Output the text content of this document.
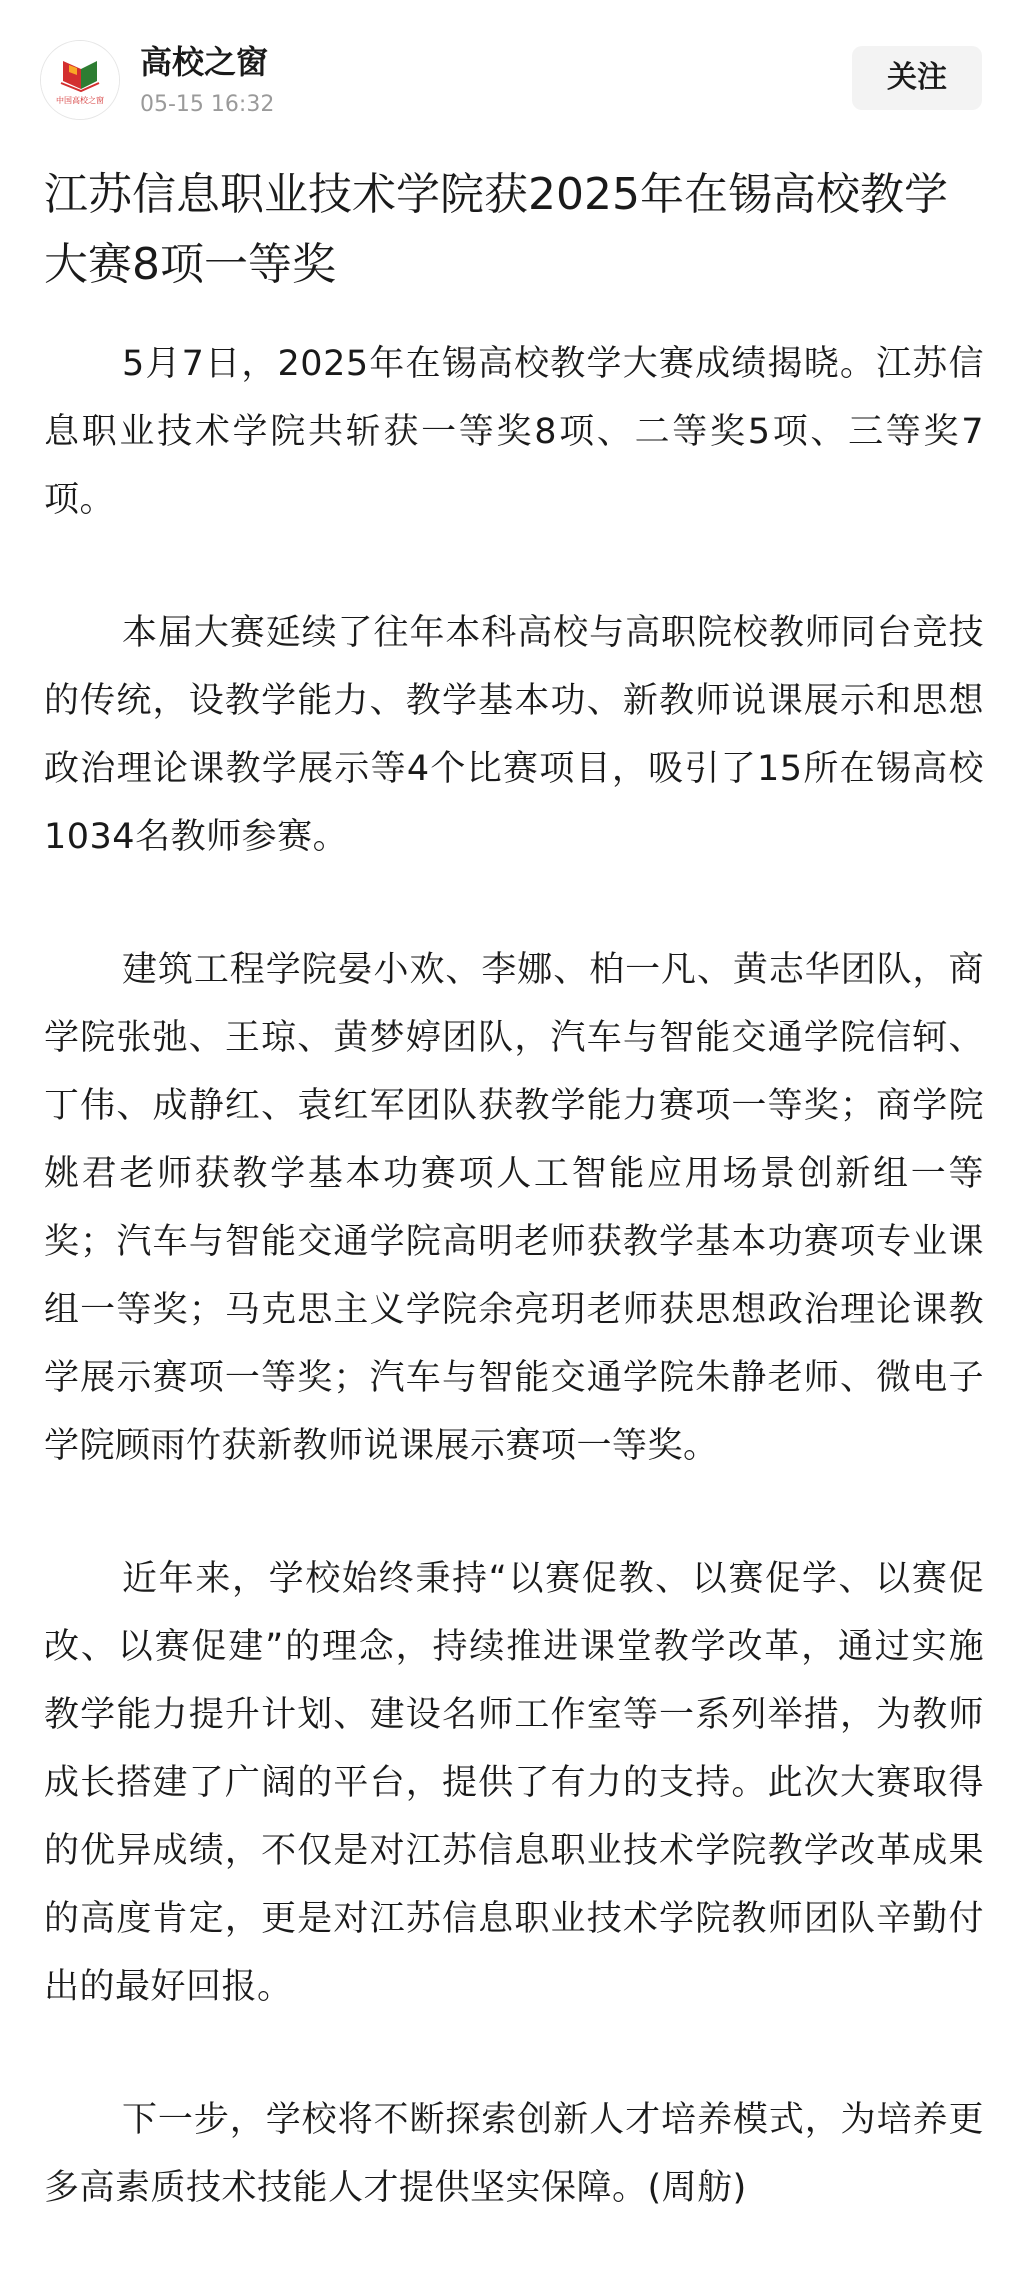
中国高校之窗
高校之窗
05-15 16:32
关注
江苏信息职业技术学院获2025年在锡高校教学大赛8项一等奖

5月7日，2025年在锡高校教学大赛成绩揭晓。江苏信息职业技术学院共斩获一等奖8项、二等奖5项、三等奖7项。

本届大赛延续了往年本科高校与高职院校教师同台竞技的传统，设教学能力、教学基本功、新教师说课展示和思想政治理论课教学展示等4个比赛项目，吸引了15所在锡高校1034名教师参赛。

建筑工程学院晏小欢、李娜、柏一凡、黄志华团队，商学院张弛、王琼、黄梦婷团队，汽车与智能交通学院信轲、丁伟、成静红、袁红军团队获教学能力赛项一等奖；商学院姚君老师获教学基本功赛项人工智能应用场景创新组一等奖；汽车与智能交通学院高明老师获教学基本功赛项专业课组一等奖；马克思主义学院余亮玥老师获思想政治理论课教学展示赛项一等奖；汽车与智能交通学院朱静老师、微电子学院顾雨竹获新教师说课展示赛项一等奖。

近年来，学校始终秉持“以赛促教、以赛促学、以赛促改、以赛促建”的理念，持续推进课堂教学改革，通过实施教学能力提升计划、建设名师工作室等一系列举措，为教师成长搭建了广阔的平台，提供了有力的支持。此次大赛取得的优异成绩，不仅是对江苏信息职业技术学院教学改革成果的高度肯定，更是对江苏信息职业技术学院教师团队辛勤付出的最好回报。

下一步，学校将不断探索创新人才培养模式，为培养更多高素质技术技能人才提供坚实保障。(周舫)
